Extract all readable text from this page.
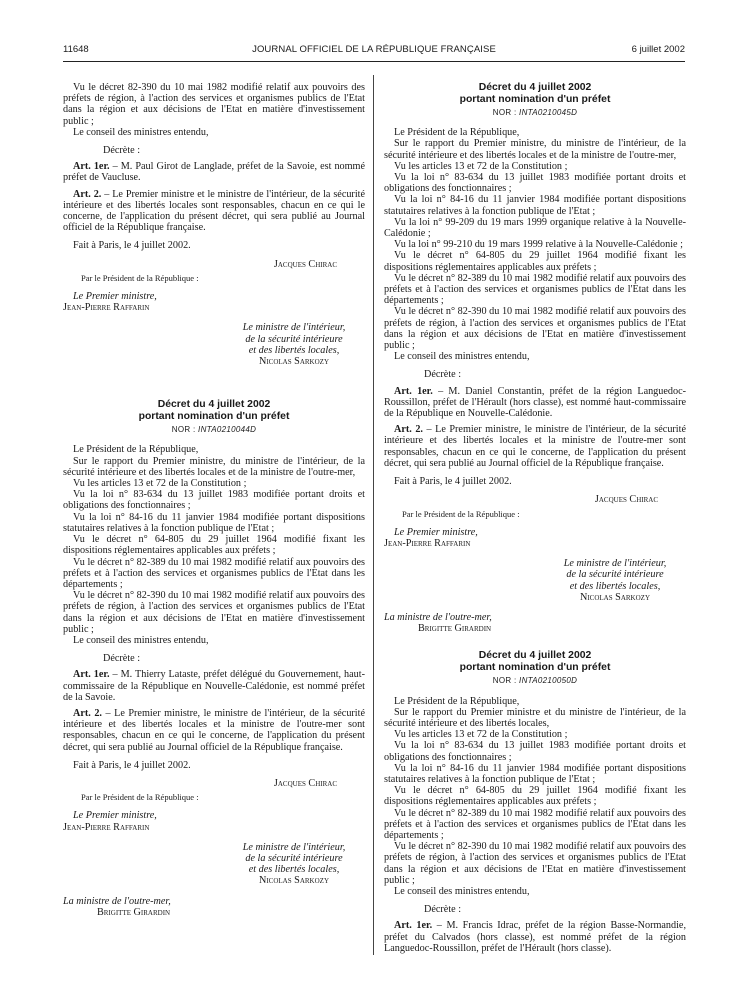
11648	JOURNAL OFFICIEL DE LA RÉPUBLIQUE FRANÇAISE	6 juillet 2002

Vu le décret 82-390 du 10 mai 1982 modifié relatif aux pouvoirs des préfets de région, à l'action des services et organismes publics de l'Etat dans la région et aux décisions de l'Etat en matière d'investissement public ;

Le conseil des ministres entendu,

Décrète :

Art. 1er. – M. Paul Girot de Langlade, préfet de la Savoie, est nommé préfet de Vaucluse.

Art. 2. – Le Premier ministre et le ministre de l'intérieur, de la sécurité intérieure et des libertés locales sont responsables, chacun en ce qui le concerne, de l'application du présent décret, qui sera publié au Journal officiel de la République française.

Fait à Paris, le 4 juillet 2002.

Jacques Chirac
Par le Président de la République :
Le Premier ministre,
Jean-Pierre Raffarin
Le ministre de l'intérieur,
de la sécurité intérieure
et des libertés locales,
Nicolas Sarkozy
Décret du 4 juillet 2002
portant nomination d'un préfet
NOR : INTA0210044D

Le Président de la République,

Sur le rapport du Premier ministre, du ministre de l'intérieur, de la sécurité intérieure et des libertés locales et de la ministre de l'outre-mer,

Vu les articles 13 et 72 de la Constitution ;

Vu la loi n° 83-634 du 13 juillet 1983 modifiée portant droits et obligations des fonctionnaires ;

Vu la loi n° 84-16 du 11 janvier 1984 modifiée portant dispositions statutaires relatives à la fonction publique de l'Etat ;

Vu le décret n° 64-805 du 29 juillet 1964 modifié fixant les dispositions réglementaires applicables aux préfets ;

Vu le décret n° 82-389 du 10 mai 1982 modifié relatif aux pouvoirs des préfets et à l'action des services et organismes publics de l'Etat dans les départements ;

Vu le décret n° 82-390 du 10 mai 1982 modifié relatif aux pouvoirs des préfets de région, à l'action des services et organismes publics de l'Etat dans la région et aux décisions de l'Etat en matière d'investissement public ;

Le conseil des ministres entendu,

Décrète :

Art. 1er. – M. Thierry Lataste, préfet délégué du Gouvernement, haut-commissaire de la République en Nouvelle-Calédonie, est nommé préfet de la Savoie.

Art. 2. – Le Premier ministre, le ministre de l'intérieur, de la sécurité intérieure et des libertés locales et la ministre de l'outre-mer sont responsables, chacun en ce qui le concerne, de l'application du présent décret, qui sera publié au Journal officiel de la République française.

Fait à Paris, le 4 juillet 2002.

Jacques Chirac
Par le Président de la République :
Le Premier ministre,
Jean-Pierre Raffarin
Le ministre de l'intérieur,
de la sécurité intérieure
et des libertés locales,
Nicolas Sarkozy
La ministre de l'outre-mer,
Brigitte Girardin
Décret du 4 juillet 2002
portant nomination d'un préfet
NOR : INTA0210045D

Le Président de la République,

Sur le rapport du Premier ministre, du ministre de l'intérieur, de la sécurité intérieure et des libertés locales et de la ministre de l'outre-mer,

Vu les articles 13 et 72 de la Constitution ;

Vu la loi n° 83-634 du 13 juillet 1983 modifiée portant droits et obligations des fonctionnaires ;

Vu la loi n° 84-16 du 11 janvier 1984 modifiée portant dispositions statutaires relatives à la fonction publique de l'Etat ;

Vu la loi n° 99-209 du 19 mars 1999 organique relative à la Nouvelle-Calédonie ;

Vu la loi n° 99-210 du 19 mars 1999 relative à la Nouvelle-Calédonie ;

Vu le décret n° 64-805 du 29 juillet 1964 modifié fixant les dispositions réglementaires applicables aux préfets ;

Vu le décret n° 82-389 du 10 mai 1982 modifié relatif aux pouvoirs des préfets et à l'action des services et organismes publics de l'Etat dans les départements ;

Vu le décret n° 82-390 du 10 mai 1982 modifié relatif aux pouvoirs des préfets de région, à l'action des services et organismes publics de l'Etat dans la région et aux décisions de l'Etat en matière d'investissement public ;

Le conseil des ministres entendu,

Décrète :

Art. 1er. – M. Daniel Constantin, préfet de la région Languedoc-Roussillon, préfet de l'Hérault (hors classe), est nommé haut-commissaire de la République en Nouvelle-Calédonie.

Art. 2. – Le Premier ministre, le ministre de l'intérieur, de la sécurité intérieure et des libertés locales et la ministre de l'outre-mer sont responsables, chacun en ce qui le concerne, de l'application du présent décret, qui sera publié au Journal officiel de la République française.

Fait à Paris, le 4 juillet 2002.

Jacques Chirac
Par le Président de la République :
Le Premier ministre,
Jean-Pierre Raffarin
Le ministre de l'intérieur,
de la sécurité intérieure
et des libertés locales,
Nicolas Sarkozy
La ministre de l'outre-mer,
Brigitte Girardin
Décret du 4 juillet 2002
portant nomination d'un préfet
NOR : INTA0210050D

Le Président de la République,

Sur le rapport du Premier ministre et du ministre de l'intérieur, de la sécurité intérieure et des libertés locales,

Vu les articles 13 et 72 de la Constitution ;

Vu la loi n° 83-634 du 13 juillet 1983 modifiée portant droits et obligations des fonctionnaires ;

Vu la loi n° 84-16 du 11 janvier 1984 modifiée portant dispositions statutaires relatives à la fonction publique de l'Etat ;

Vu le décret n° 64-805 du 29 juillet 1964 modifié fixant les dispositions réglementaires applicables aux préfets ;

Vu le décret n° 82-389 du 10 mai 1982 modifié relatif aux pouvoirs des préfets et à l'action des services et organismes publics de l'Etat dans les départements ;

Vu le décret n° 82-390 du 10 mai 1982 modifié relatif aux pouvoirs des préfets de région, à l'action des services et organismes publics de l'Etat dans la région et aux décisions de l'Etat en matière d'investissement public ;

Le conseil des ministres entendu,

Décrète :

Art. 1er. – M. Francis Idrac, préfet de la région Basse-Normandie, préfet du Calvados (hors classe), est nommé préfet de la région Languedoc-Roussillon, préfet de l'Hérault (hors classe).
